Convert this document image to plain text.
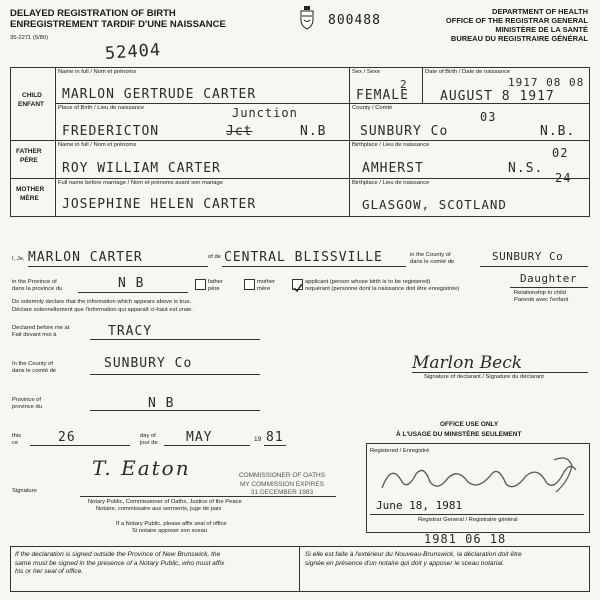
DELAYED REGISTRATION OF BIRTH
ENREGISTREMENT TARDIF D'UNE NAISSANCE
35-2271 (5/80)
800488
DEPARTMENT OF HEALTH
OFFICE OF THE REGISTRAR GENERAL
MINISTÈRE DE LA SANTÉ
BUREAU DU REGISTRAIRE GÉNÉRAL
52404
CHILD
ENFANT
Name in full / Nom et prénoms
MARLON GERTRUDE CARTER
Sex / Sexe
2
FEMALE
Date of Birth / Date de naissance
1917 08 08
AUGUST 8 1917
Place of Birth / Lieu de naissance	Junction
FREDERICTON	Jct	N.B
County / Comté
03
SUNBURY Co	N.B.
FATHER
PÈRE
Name in full / Nom et prénoms
ROY WILLIAM CARTER
Birthplace / Lieu de naissance
02
AMHERST	N.S.
MOTHER
MÈRE
Full name before marriage / Nom et prénoms avant son mariage
JOSEPHINE HELEN CARTER
Birthplace / Lieu de naissance	24
GLASGOW, SCOTLAND
I, Je, MARLON CARTER	of de CENTRAL BLISSVILLE	in the County of
dans le comté de	SUNBURY Co
in the Province of
dans la province du	N B	father
père
mother
mère
applicant (person whose birth is to be registered)
requérant (personne dont la naissance doit être enregistrée)
Daughter
Relationship to child
Parenté avec l'enfant
Do solemnly declare that the information which appears above is true.
Déclare solennellement que l'information qui apparaît ci-haut est vraie.
Declared before me at
Fait devant moi à	TRACY
In the County of
dans le comté de	SUNBURY Co
Province of
province du	N B
Marlon Beck
Signature of declarant / Signature du déclarant
this
ce	26	day of
jour de MAY	19 81
Signature
T. Eaton	COMMISSIONER OF OATHS
MY COMMISSION EXPIRES
31 DECEMBER 1983
Notary Public, Commissioner of Oaths, Justice of the Peace
Notaire, commissaire aux serments, juge de paix
If a Notary Public, please affix seal of office
Si notaire apposer son sceau
OFFICE USE ONLY
À L'USAGE DU MINISTÈRE SEULEMENT
Registered / Enregistré
June 18, 1981
Registrar General / Registraire général
1981 06 18
If the declaration is signed outside the Province of New Brunswick, the
same must be signed in the presence of a Notary Public, who must affix
his or her seal of office.
Si elle est faite à l'extérieur du Nouveau-Brunswick, la déclaration doit être
signée en présence d'un notaire qui doit y apposer le sceau notarial.
